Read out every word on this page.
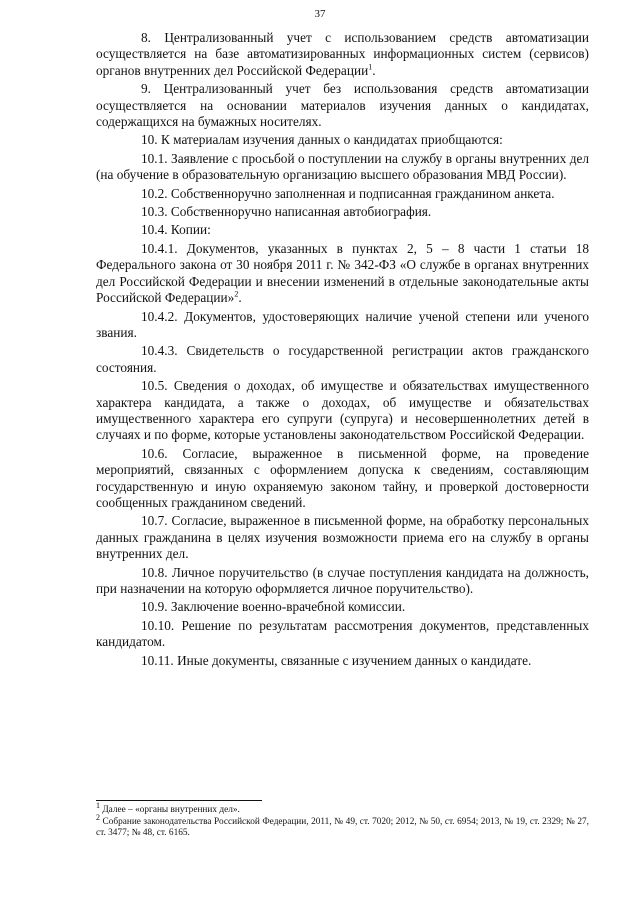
37

8. Централизованный учет с использованием средств автоматизации осуществляется на базе автоматизированных информационных систем (сервисов) органов внутренних дел Российской Федерации$^1$.

9. Централизованный учет без использования средств автоматизации осуществляется на основании материалов изучения данных о кандидатах, содержащихся на бумажных носителях.

10. К материалам изучения данных о кандидатах приобщаются:

10.1. Заявление с просьбой о поступлении на службу в органы внутренних дел (на обучение в образовательную организацию высшего образования МВД России).

10.2. Собственноручно заполненная и подписанная гражданином анкета.

10.3. Собственноручно написанная автобиография.

10.4. Копии:

10.4.1. Документов, указанных в пунктах 2, 5 – 8 части 1 статьи 18 Федерального закона от 30 ноября 2011 г. № 342-ФЗ «О службе в органах внутренних дел Российской Федерации и внесении изменений в отдельные законодательные акты Российской Федерации»$^2$.

10.4.2. Документов, удостоверяющих наличие ученой степени или ученого звания.

10.4.3. Свидетельств о государственной регистрации актов гражданского состояния.

10.5. Сведения о доходах, об имуществе и обязательствах имущественного характера кандидата, а также о доходах, об имуществе и обязательствах имущественного характера его супруги (супруга) и несовершеннолетних детей в случаях и по форме, которые установлены законодательством Российской Федерации.

10.6. Согласие, выраженное в письменной форме, на проведение мероприятий, связанных с оформлением допуска к сведениям, составляющим государственную и иную охраняемую законом тайну, и проверкой достоверности сообщенных гражданином сведений.

10.7. Согласие, выраженное в письменной форме, на обработку персональных данных гражданина в целях изучения возможности приема его на службу в органы внутренних дел.

10.8. Личное поручительство (в случае поступления кандидата на должность, при назначении на которую оформляется личное поручительство).

10.9. Заключение военно-врачебной комиссии.

10.10. Решение по результатам рассмотрения документов, представленных кандидатом.

10.11. Иные документы, связанные с изучением данных о кандидате.

1 Далее – «органы внутренних дел».

2 Собрание законодательства Российской Федерации, 2011, № 49, ст. 7020; 2012, № 50, ст. 6954; 2013, № 19, ст. 2329; № 27, ст. 3477; № 48, ст. 6165.
